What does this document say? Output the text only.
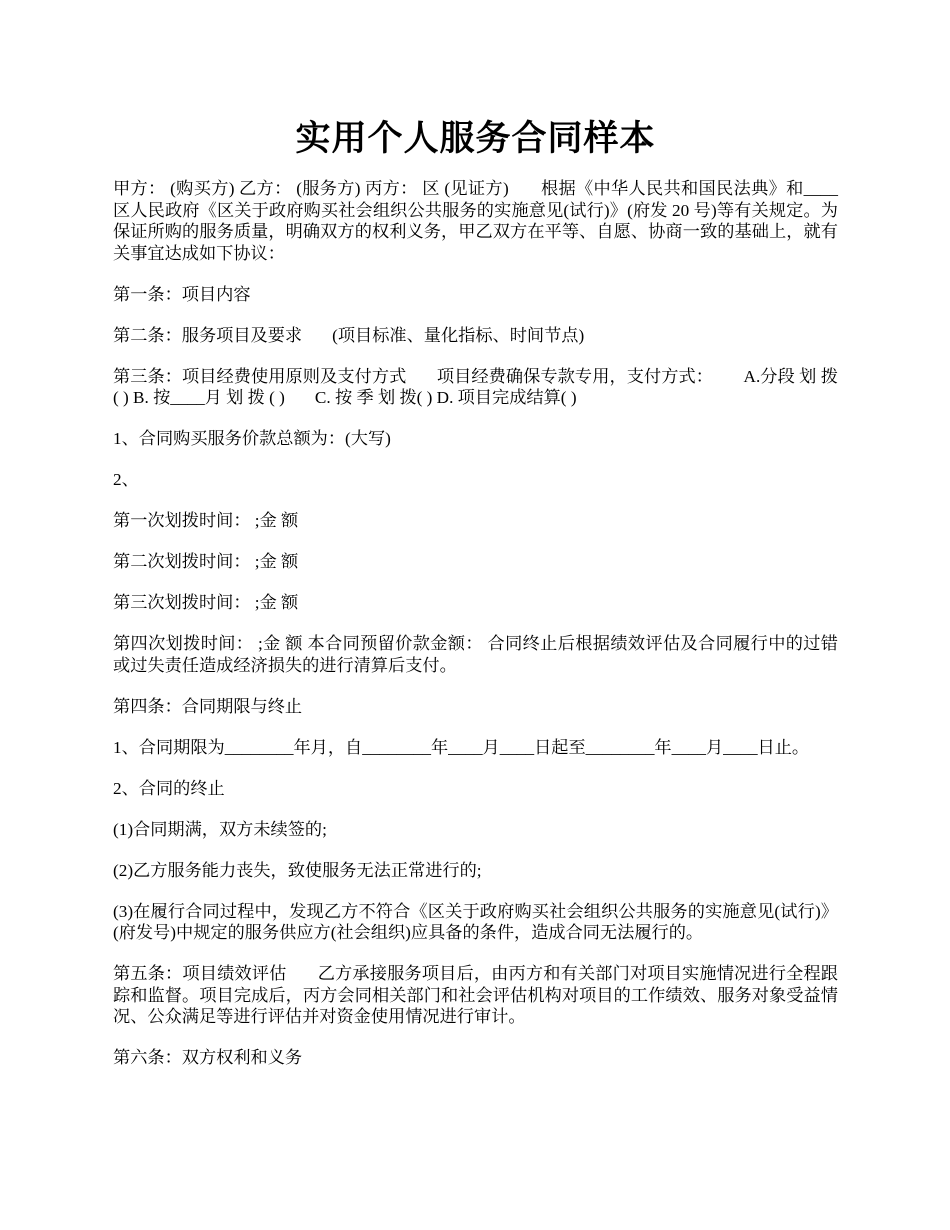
实用个人服务合同样本

甲方： (购买方) 乙方： (服务方) 丙方： 区 (见证方)       根据《中华人民共和国民法典》和____区人民政府《区关于政府购买社会组织公共服务的实施意见(试行)》(府发 20 号)等有关规定。为保证所购的服务质量，明确双方的权利义务，甲乙双方在平等、自愿、协商一致的基础上，就有关事宜达成如下协议：

第一条：项目内容

第二条：服务项目及要求       (项目标准、量化指标、时间节点)

第三条：项目经费使用原则及支付方式       项目经费确保专款专用，支付方式：       A.分段 划 拨( ) B. 按____月 划 拨 ( )       C. 按 季 划 拨( ) D. 项目完成结算( )

1、合同购买服务价款总额为：(大写)

2、

第一次划拨时间： ;金 额

第二次划拨时间： ;金 额

第三次划拨时间： ;金 额

第四次划拨时间： ;金 额 本合同预留价款金额： 合同终止后根据绩效评估及合同履行中的过错或过失责任造成经济损失的进行清算后支付。

第四条：合同期限与终止

1、合同期限为________年月，自________年____月____日起至________年____月____日止。

2、合同的终止

(1)合同期满，双方未续签的;

(2)乙方服务能力丧失，致使服务无法正常进行的;

(3)在履行合同过程中，发现乙方不符合《区关于政府购买社会组织公共服务的实施意见(试行)》(府发号)中规定的服务供应方(社会组织)应具备的条件，造成合同无法履行的。

第五条：项目绩效评估       乙方承接服务项目后，由丙方和有关部门对项目实施情况进行全程跟踪和监督。项目完成后，丙方会同相关部门和社会评估机构对项目的工作绩效、服务对象受益情况、公众满足等进行评估并对资金使用情况进行审计。

第六条：双方权利和义务
